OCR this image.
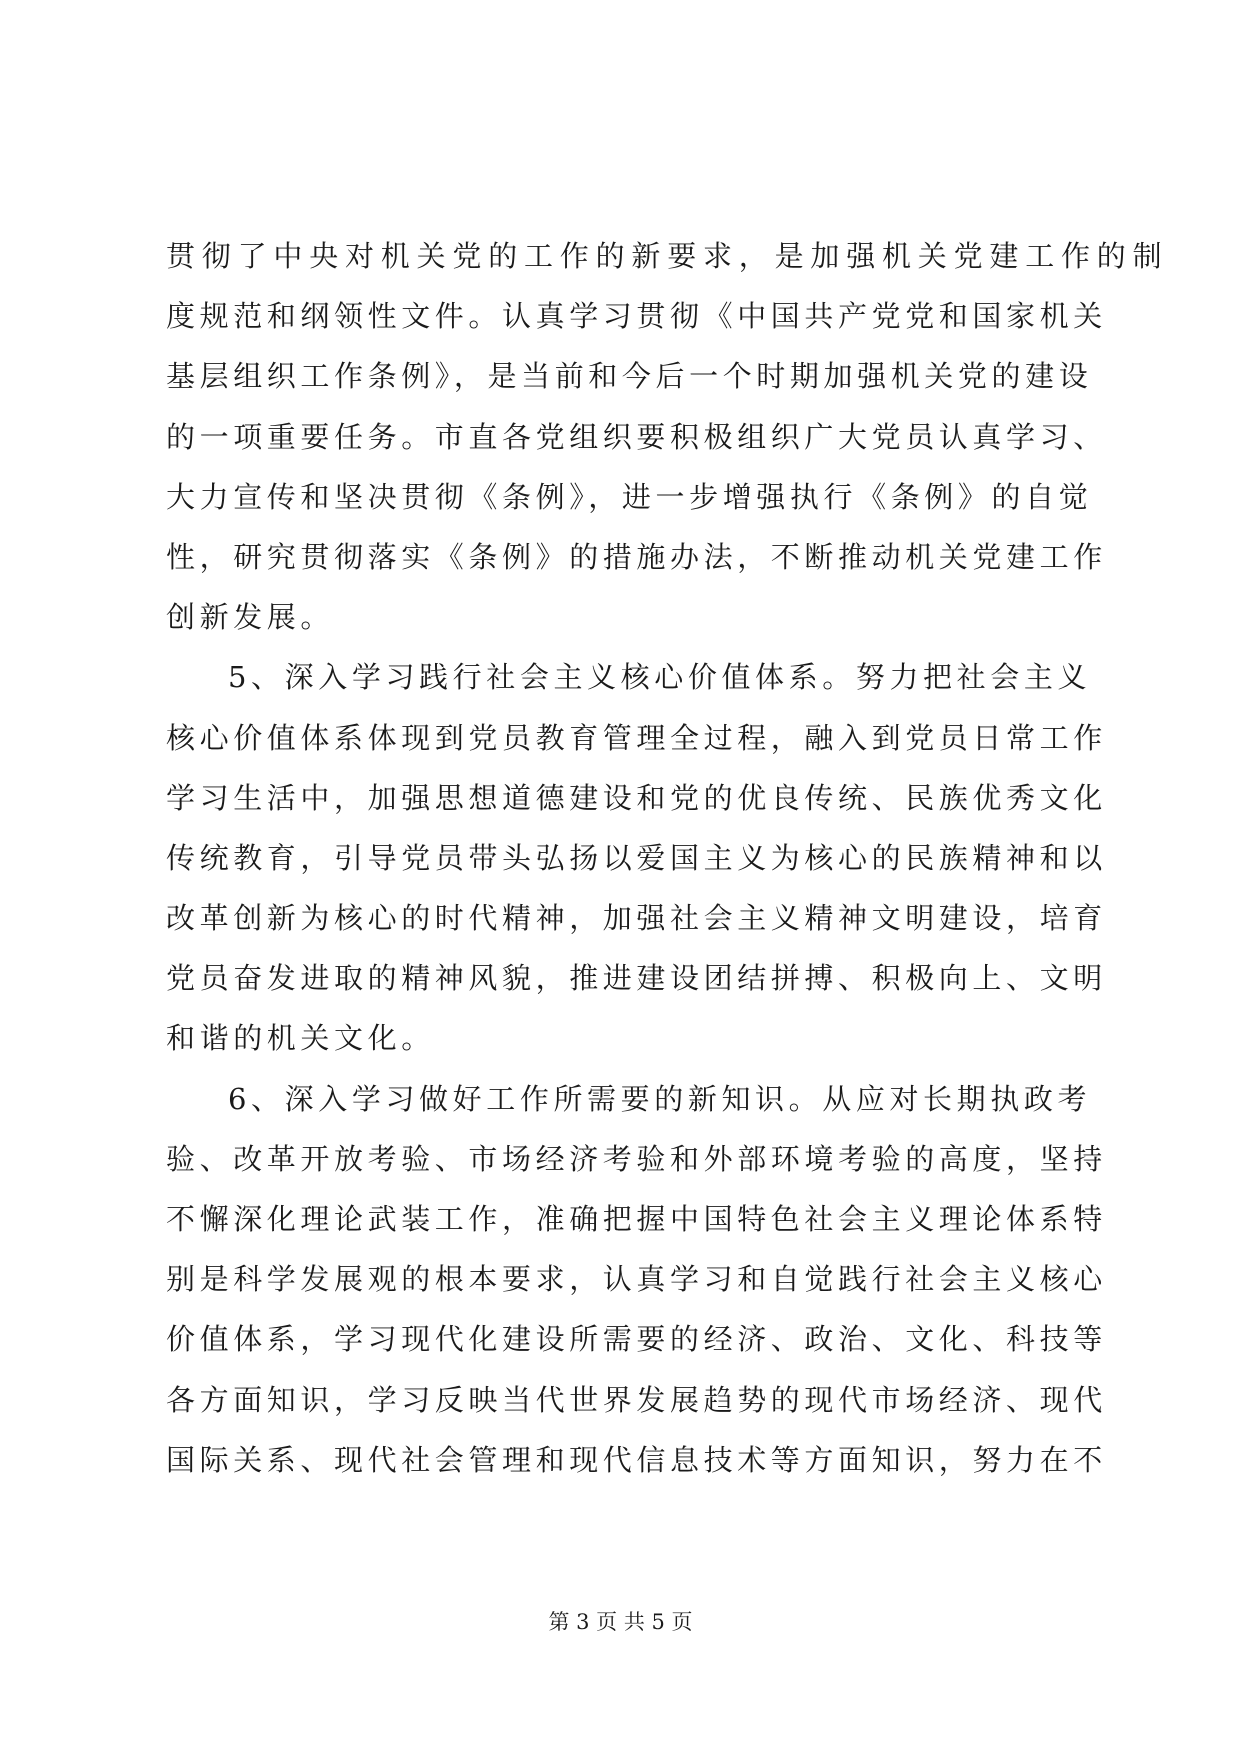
贯彻了中央对机关党的工作的新要求，是加强机关党建工作的制
度规范和纲领性文件。认真学习贯彻《中国共产党党和国家机关
基层组织工作条例》，是当前和今后一个时期加强机关党的建设
的一项重要任务。市直各党组织要积极组织广大党员认真学习、
大力宣传和坚决贯彻《条例》，进一步增强执行《条例》的自觉
性，研究贯彻落实《条例》的措施办法，不断推动机关党建工作
创新发展。
5、深入学习践行社会主义核心价值体系。努力把社会主义
核心价值体系体现到党员教育管理全过程，融入到党员日常工作
学习生活中，加强思想道德建设和党的优良传统、民族优秀文化
传统教育，引导党员带头弘扬以爱国主义为核心的民族精神和以
改革创新为核心的时代精神，加强社会主义精神文明建设，培育
党员奋发进取的精神风貌，推进建设团结拼搏、积极向上、文明
和谐的机关文化。
6、深入学习做好工作所需要的新知识。从应对长期执政考
验、改革开放考验、市场经济考验和外部环境考验的高度，坚持
不懈深化理论武装工作，准确把握中国特色社会主义理论体系特
别是科学发展观的根本要求，认真学习和自觉践行社会主义核心
价值体系，学习现代化建设所需要的经济、政治、文化、科技等
各方面知识，学习反映当代世界发展趋势的现代市场经济、现代
国际关系、现代社会管理和现代信息技术等方面知识，努力在不
第 3 页 共 5 页
